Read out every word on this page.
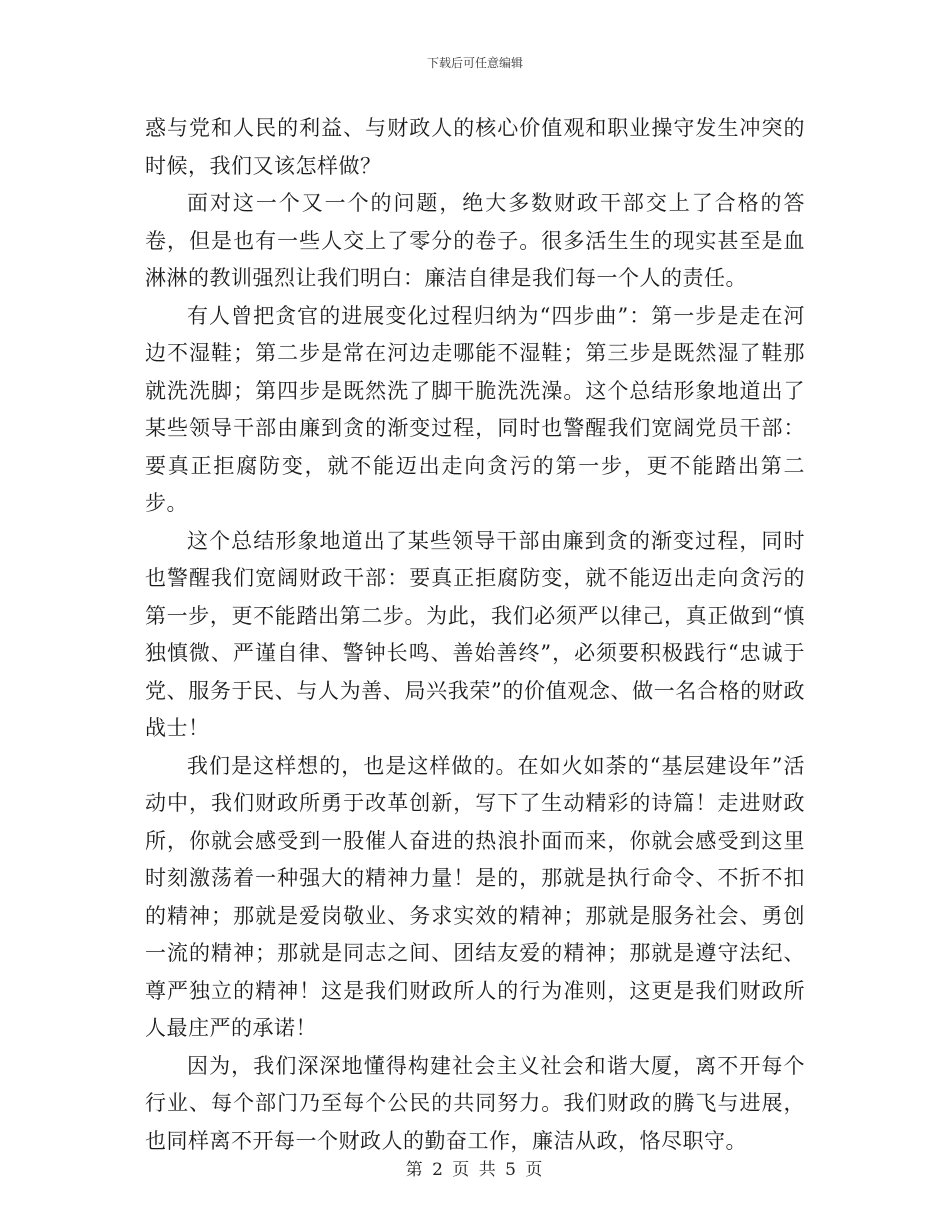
下载后可任意编辑

惑与党和人民的利益、与财政人的核心价值观和职业操守发生冲突的时候，我们又该怎样做？

面对这一个又一个的问题，绝大多数财政干部交上了合格的答卷，但是也有一些人交上了零分的卷子。很多活生生的现实甚至是血淋淋的教训强烈让我们明白：廉洁自律是我们每一个人的责任。

有人曾把贪官的进展变化过程归纳为“四步曲”：第一步是走在河边不湿鞋；第二步是常在河边走哪能不湿鞋；第三步是既然湿了鞋那就洗洗脚；第四步是既然洗了脚干脆洗洗澡。这个总结形象地道出了某些领导干部由廉到贪的渐变过程，同时也警醒我们宽阔党员干部：要真正拒腐防变，就不能迈出走向贪污的第一步，更不能踏出第二步。

这个总结形象地道出了某些领导干部由廉到贪的渐变过程，同时也警醒我们宽阔财政干部：要真正拒腐防变，就不能迈出走向贪污的第一步，更不能踏出第二步。为此，我们必须严以律己，真正做到“慎独慎微、严谨自律、警钟长鸣、善始善终”，必须要积极践行“忠诚于党、服务于民、与人为善、局兴我荣”的价值观念、做一名合格的财政战士！

我们是这样想的，也是这样做的。在如火如荼的“基层建设年”活动中，我们财政所勇于改革创新，写下了生动精彩的诗篇！走进财政所，你就会感受到一股催人奋进的热浪扑面而来，你就会感受到这里时刻激荡着一种强大的精神力量！是的，那就是执行命令、不折不扣的精神；那就是爱岗敬业、务求实效的精神；那就是服务社会、勇创一流的精神；那就是同志之间、团结友爱的精神；那就是遵守法纪、尊严独立的精神！这是我们财政所人的行为准则，这更是我们财政所人最庄严的承诺！

因为，我们深深地懂得构建社会主义社会和谐大厦，离不开每个行业、每个部门乃至每个公民的共同努力。我们财政的腾飞与进展，也同样离不开每一个财政人的勤奋工作，廉洁从政，恪尽职守。

第 2 页 共 5 页
